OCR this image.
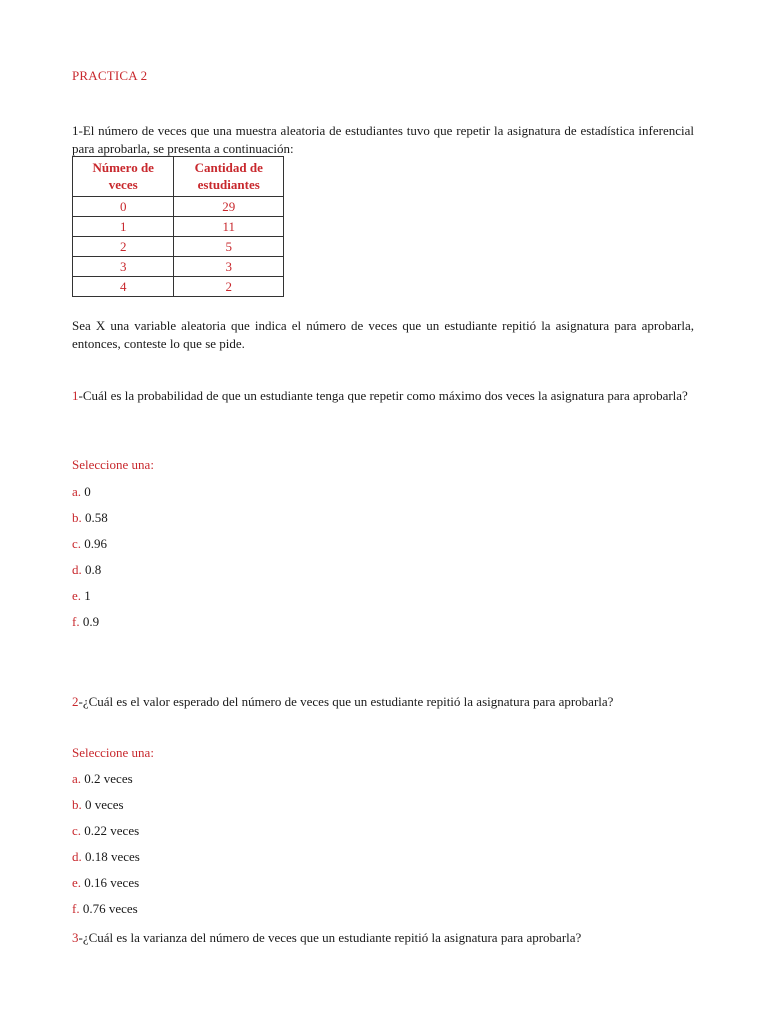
PRACTICA 2

1-El número de veces que una muestra aleatoria de estudiantes tuvo que repetir la asignatura de estadística inferencial para aprobarla, se presenta a continuación:

Número de veces	Cantidad de estudiantes
0	29
1	11
2	5
3	3
4	2

Sea X una variable aleatoria que indica el número de veces que un estudiante repitió la asignatura para aprobarla, entonces, conteste lo que se pide.

1-Cuál es la probabilidad de que un estudiante tenga que repetir como máximo dos veces la asignatura para aprobarla?

Seleccione una:
a. 0
b. 0.58
c. 0.96
d. 0.8
e. 1
f. 0.9

2-¿Cuál es el valor esperado del número de veces que un estudiante repitió la asignatura para aprobarla?

Seleccione una:
a. 0.2 veces
b. 0 veces
c. 0.22 veces
d. 0.18 veces
e. 0.16 veces
f. 0.76 veces

3-¿Cuál es la varianza del número de veces que un estudiante repitió la asignatura para aprobarla?
